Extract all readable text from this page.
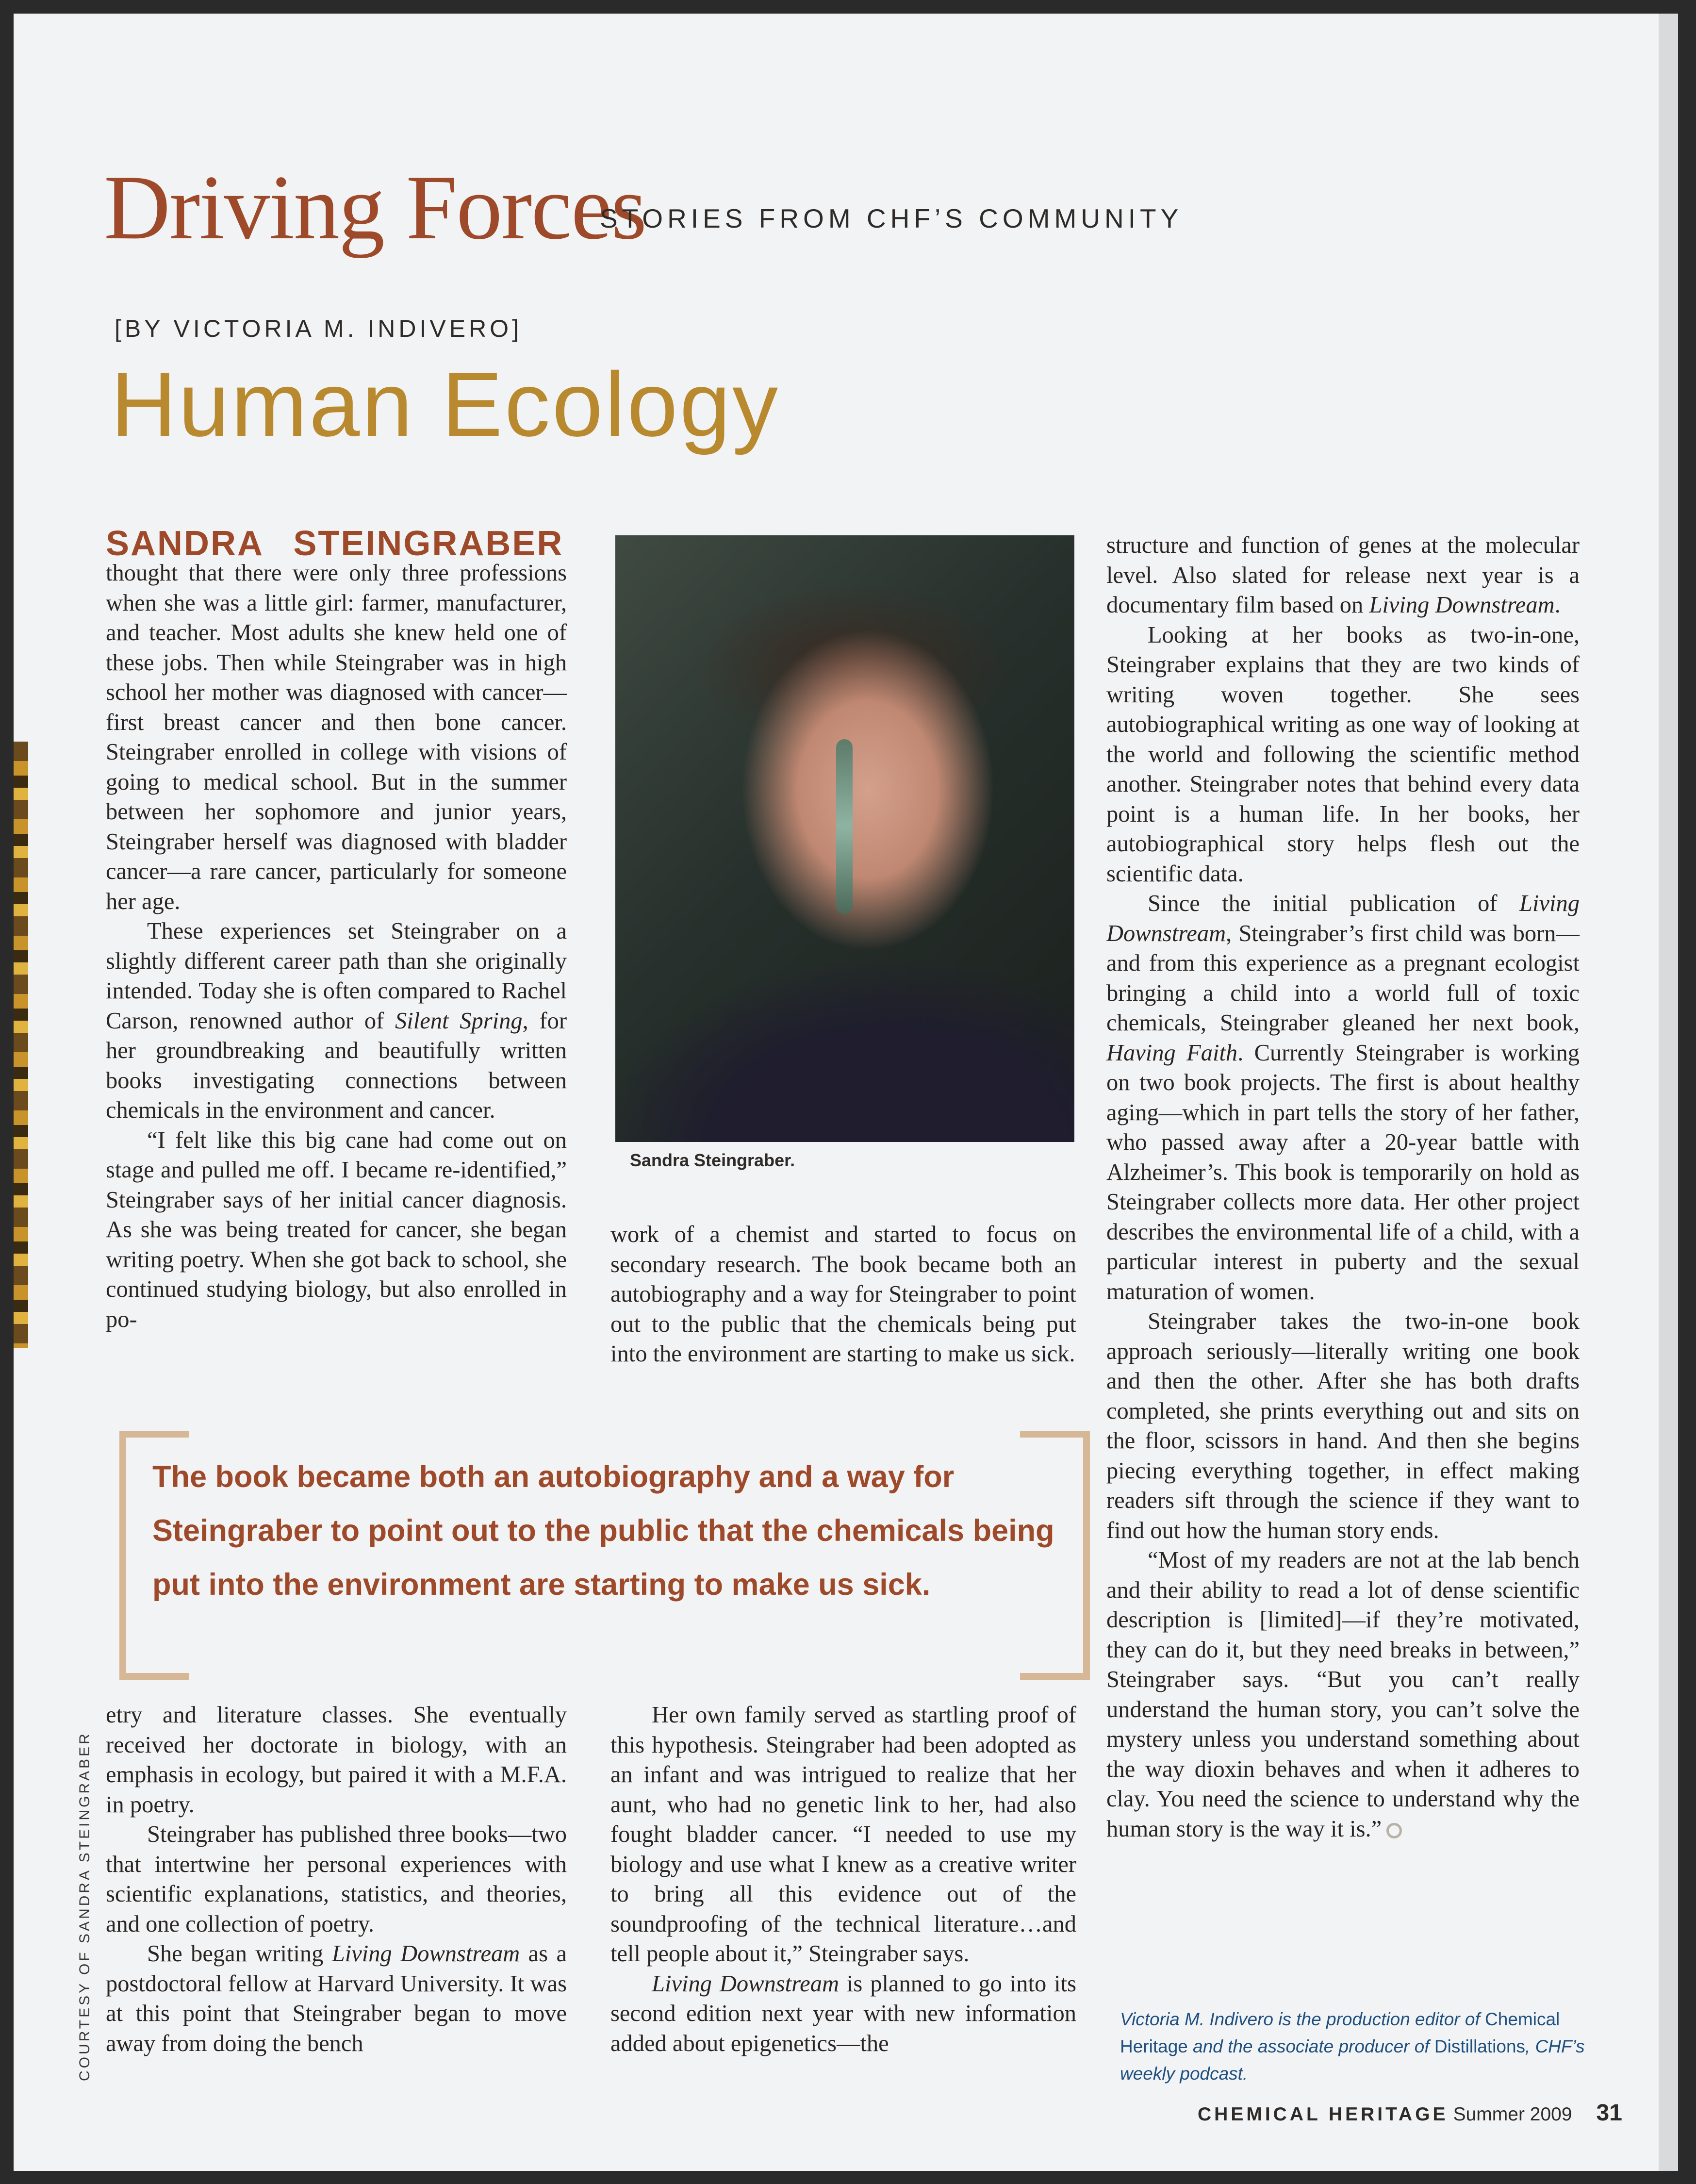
Driving Forces
STORIES FROM CHF’S COMMUNITY
[BY VICTORIA M. INDIVERO]
Human Ecology
SANDRA STEINGRABER

thought that there were only three professions when she was a little girl: farmer, manufacturer, and teacher. Most adults she knew held one of these jobs. Then while Steingraber was in high school her mother was diagnosed with cancer—first breast cancer and then bone cancer. Steingraber enrolled in college with visions of going to medical school. But in the summer between her sophomore and junior years, Steingraber herself was diagnosed with bladder cancer—a rare cancer, particularly for someone her age.

These experiences set Steingraber on a slightly different career path than she originally intended. Today she is often compared to Rachel Carson, renowned author of Silent Spring, for her groundbreaking and beautifully written books investigating connections between chemicals in the environment and cancer.

“I felt like this big cane had come out on stage and pulled me off. I became re-identified,” Steingraber says of her initial cancer diagnosis. As she was being treated for cancer, she began writing poetry. When she got back to school, she continued studying biology, but also enrolled in po-

Sandra Steingraber.

work of a chemist and started to focus on secondary research. The book became both an autobiography and a way for Steingraber to point out to the public that the chemicals being put into the environment are starting to make us sick.

structure and function of genes at the molecular level. Also slated for release next year is a documentary film based on Living Downstream.

Looking at her books as two-in-one, Steingraber explains that they are two kinds of writing woven together. She sees autobiographical writing as one way of looking at the world and following the scientific method another. Steingraber notes that behind every data point is a human life. In her books, her autobiographical story helps flesh out the scientific data.

Since the initial publication of Living Downstream, Steingraber’s first child was born—and from this experience as a pregnant ecologist bringing a child into a world full of toxic chemicals, Steingraber gleaned her next book, Having Faith. Currently Steingraber is working on two book projects. The first is about healthy aging—which in part tells the story of her father, who passed away after a 20-year battle with Alzheimer’s. This book is temporarily on hold as Steingraber collects more data. Her other project describes the environmental life of a child, with a particular interest in puberty and the sexual maturation of women.

Steingraber takes the two-in-one book approach seriously—literally writing one book and then the other. After she has both drafts completed, she prints everything out and sits on the floor, scissors in hand. And then she begins piecing everything together, in effect making readers sift through the science if they want to find out how the human story ends.

“Most of my readers are not at the lab bench and their ability to read a lot of dense scientific description is [limited]—if they’re motivated, they can do it, but they need breaks in between,” Steingraber says. “But you can’t really understand the human story, you can’t solve the mystery unless you understand something about the way dioxin behaves and when it adheres to clay. You need the science to understand why the human story is the way it is.”

The book became both an autobiography and a way for Steingraber to point out to the public that the chemicals being put into the environment are starting to make us sick.

etry and literature classes. She eventually received her doctorate in biology, with an emphasis in ecology, but paired it with a M.F.A. in poetry.

Steingraber has published three books—two that intertwine her personal experiences with scientific explanations, statistics, and theories, and one collection of poetry.

She began writing Living Downstream as a postdoctoral fellow at Harvard University. It was at this point that Steingraber began to move away from doing the bench

Her own family served as startling proof of this hypothesis. Steingraber had been adopted as an infant and was intrigued to realize that her aunt, who had no genetic link to her, had also fought bladder cancer. “I needed to use my biology and use what I knew as a creative writer to bring all this evidence out of the soundproofing of the technical literature…and tell people about it,” Steingraber says.

Living Downstream is planned to go into its second edition next year with new information added about epigenetics—the

COURTESY OF SANDRA STEINGRABER	Victoria M. Indivero is the production editor of Chemical Heritage and the associate producer of Distillations, CHF’s weekly podcast.
CHEMICAL HERITAGE Summer 2009 31
